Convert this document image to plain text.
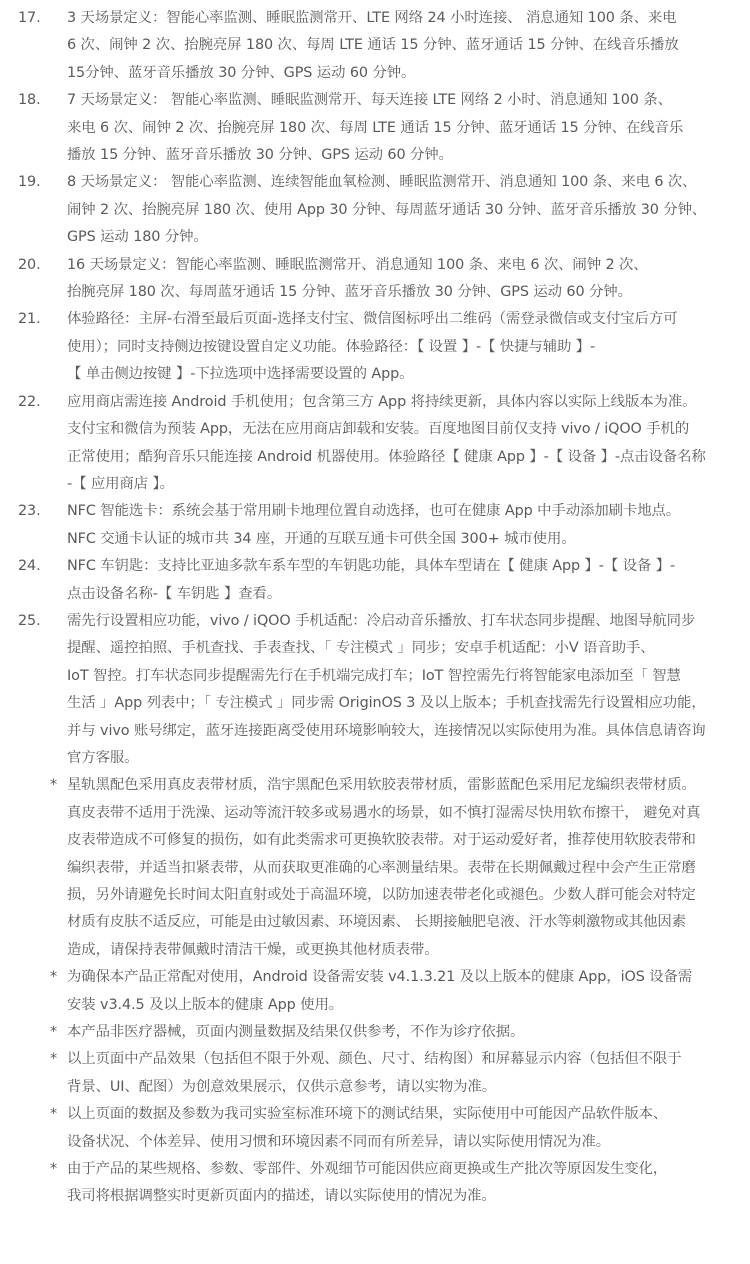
17.	3 天场景定义：智能心率监测、睡眠监测常开、LTE 网络 24 小时连接、 消息通知 100 条、来电
6 次、闹钟 2 次、抬腕亮屏 180 次、每周 LTE 通话 15 分钟、蓝牙通话 15 分钟、在线音乐播放
15分钟、蓝牙音乐播放 30 分钟、GPS 运动 60 分钟。
18.	7 天场景定义： 智能心率监测、睡眠监测常开、每天连接 LTE 网络 2 小时、消息通知 100 条、
来电 6 次、闹钟 2 次、抬腕亮屏 180 次、每周 LTE 通话 15 分钟、蓝牙通话 15 分钟、在线音乐
播放 15 分钟、蓝牙音乐播放 30 分钟、GPS 运动 60 分钟。
19.	8 天场景定义： 智能心率监测、连续智能血氧检测、睡眠监测常开、消息通知 100 条、来电 6 次、
闹钟 2 次、抬腕亮屏 180 次、使用 App 30 分钟、每周蓝牙通话 30 分钟、蓝牙音乐播放 30 分钟、
GPS 运动 180 分钟。
20.	16 天场景定义：智能心率监测、睡眠监测常开、消息通知 100 条、来电 6 次、闹钟 2 次、
抬腕亮屏 180 次、每周蓝牙通话 15 分钟、蓝牙音乐播放 30 分钟、GPS 运动 60 分钟。
21.	体验路径：主屏-右滑至最后页面-选择支付宝、微信图标呼出二维码（需登录微信或支付宝后方可
使用）；同时支持侧边按键设置自定义功能。体验路径：【 设置 】-【 快捷与辅助 】-
【 单击侧边按键 】-下拉选项中选择需要设置的 App。
22.	应用商店需连接 Android 手机使用；包含第三方 App 将持续更新，具体内容以实际上线版本为准。
支付宝和微信为预装 App，无法在应用商店卸载和安装。百度地图目前仅支持 vivo / iQOO 手机的
正常使用；酷狗音乐只能连接 Android 机器使用。体验路径【 健康 App 】-【 设备 】-点击设备名称
-【 应用商店 】。
23.	NFC 智能选卡：系统会基于常用刷卡地理位置自动选择，也可在健康 App 中手动添加刷卡地点。
NFC 交通卡认证的城市共 34 座，开通的互联互通卡可供全国 300+ 城市使用。
24.	NFC 车钥匙：支持比亚迪多款车系车型的车钥匙功能，具体车型请在【 健康 App 】-【 设备 】-
点击设备名称-【 车钥匙 】查看。
25.	需先行设置相应功能，vivo / iQOO 手机适配：冷启动音乐播放、打车状态同步提醒、地图导航同步
提醒、遥控拍照、手机查找、手表查找、「 专注模式 」同步；安卓手机适配：小V 语音助手、
IoT 智控。打车状态同步提醒需先行在手机端完成打车；IoT 智控需先行将智能家电添加至「 智慧
生活 」App 列表中；「 专注模式 」同步需 OriginOS 3 及以上版本；手机查找需先行设置相应功能，
并与 vivo 账号绑定，蓝牙连接距离受使用环境影响较大，连接情况以实际使用为准。具体信息请咨询
官方客服。
* 星轨黑配色采用真皮表带材质，浩宇黑配色采用软胶表带材质，雷影蓝配色采用尼龙编织表带材质。
真皮表带不适用于洗澡、运动等流汗较多或易遇水的场景，如不慎打湿需尽快用软布擦干， 避免对真
皮表带造成不可修复的损伤，如有此类需求可更换软胶表带。对于运动爱好者，推荐使用软胶表带和
编织表带，并适当扣紧表带，从而获取更准确的心率测量结果。表带在长期佩戴过程中会产生正常磨
损，另外请避免长时间太阳直射或处于高温环境，以防加速表带老化或褪色。少数人群可能会对特定
材质有皮肤不适反应，可能是由过敏因素、环境因素、 长期接触肥皂液、汗水等刺激物或其他因素
造成，请保持表带佩戴时清洁干燥，或更换其他材质表带。
* 为确保本产品正常配对使用，Android 设备需安装 v4.1.3.21 及以上版本的健康 App，iOS 设备需
安装 v3.4.5 及以上版本的健康 App 使用。
* 本产品非医疗器械，页面内测量数据及结果仅供参考，不作为诊疗依据。
* 以上页面中产品效果（包括但不限于外观、颜色、尺寸、结构图）和屏幕显示内容（包括但不限于
背景、UI、配图）为创意效果展示，仅供示意参考，请以实物为准。
* 以上页面的数据及参数为我司实验室标准环境下的测试结果，实际使用中可能因产品软件版本、
设备状况、个体差异、使用习惯和环境因素不同而有所差异，请以实际使用情况为准。
* 由于产品的某些规格、参数、零部件、外观细节可能因供应商更换或生产批次等原因发生变化，
我司将根据调整实时更新页面内的描述，请以实际使用的情况为准。
